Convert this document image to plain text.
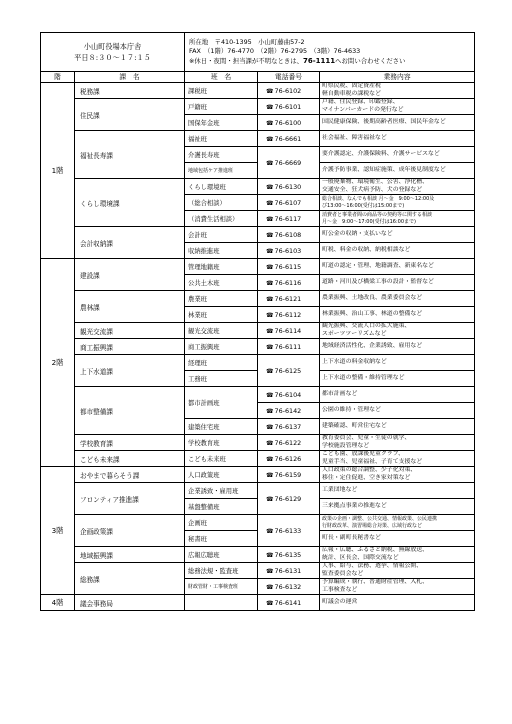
小山町役場本庁舎
平日８:３０〜１７:１５		所在地　〒410-1395　小山町藤曲57-2
FAX　（1階）76-4770　（2階）76-2795　（3階）76-4633
※休日・夜間・担当課が不明なときは、76-1111へお問い合わせください		

階	課　名	班　名	電話番号	業務内容
1階	税務課	課税班	☎76-6102	町県民税、固定資産税
軽自動車税の課税など
	住民課	戸籍班	☎76-6101	戸籍、住民登録、印鑑登録、
マイナンバーカードの発行など
		国保年金班	☎76-6100	国民健康保険、後期高齢者医療、国民年金など
	福祉長寿課	福祉班	☎76-6661	社会福祉、障害福祉など
		介護長寿班	☎76-6669	要介護認定、介護保険料、介護サービスなど
		地域包括ケア推進班		介護予防事業、認知症施策、成年後見制度など
	くらし環境課	くらし環境班	☎76-6130	一般廃棄物、環境衛生、公害、浄化槽、
交通安全、狂犬病予防、犬の登録など
		（総合相談）	☎76-6107	総合相談、なんでも相談 月〜金　9:00〜12:00及
び13:00〜16:00(受付は15:00まで)
		（消費生活相談）	☎76-6117	消費者と事業者間の商品等の契約等に関する相談
月〜金　9:00〜17:00(受付は16:00まで)
	会計収納課	会計班	☎76-6108	町公金の収納・支払いなど
		収納推進班	☎76-6103	町税、料金の収納、納税相談など
2階	建設課	管理地籍班	☎76-6115	町道の認定・管理、地籍調査、新東名など
		公共土木班	☎76-6116	道路・河川及び橋梁工事の設計・監督など
	農林課	農業班	☎76-6121	農業振興、土地改良、農業委員会など
		林業班	☎76-6112	林業振興、治山工事、林道の整備など
	観光交流課	観光交流班	☎76-6114	観光振興、交流人口の拡大施策、
スポーツツーリズムなど
	商工振興課	商工振興班	☎76-6111	地域経済活性化、企業誘致、雇用など
	上下水道課	経理班	☎76-6125	上下水道の料金収納など
		工務班		上下水道の整備・維持管理など
	都市整備課	都市計画班	☎76-6104	都市計画など
			☎76-6142	公園の維持・管理など
		建築住宅班	☎76-6137	建築確認、町営住宅など
	学校教育課	学校教育班	☎76-6122	教育委員会、児童・生徒の就学、
学校施設管理など
	こども未来課	こども未来班	☎76-6126	こども園、放課後児童クラブ、
児童手当、児童福祉、子育て支援など
3階	おやまで暮らそう課	人口政策班	☎76-6159	人口政策の総合調整、少子化対策、
移住・定住促進、空き家対策など
	フロンティア推進課	企業誘致・雇用班	☎76-6129	工業団地など
		基盤整備班		三来拠点事業の推進など
	企画政策課	企画班	☎76-6133	政策の企画・調整、公共交通、情報政策、公民連携
行財政改革、演習場総合対策、広域行政など
		秘書班		町長・副町長秘書など
	地域振興課	広報広聴班	☎76-6135	広報・広聴、ふるさと納税、無線放送、
統計、区長会、国際交流など
	総務課	総務法規・監査班	☎76-6131	人事、給与、法務、選挙、情報公開、
監査委員会など
		財政管財・工事検査班	☎76-6132	予算編成・執行、普通財産管理、入札、
工事検査など
4階	議会事務局		☎76-6141	町議会の運営
